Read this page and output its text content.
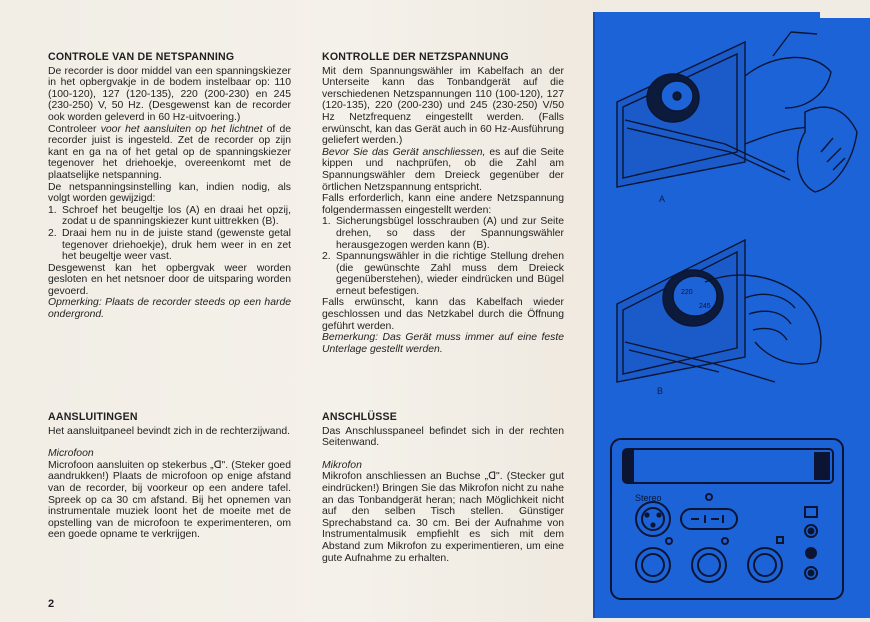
CONTROLE VAN DE NETSPANNING

De recorder is door middel van een spanningskiezer in het opbergvakje in de bodem instelbaar op: 110 (100-120), 127 (120-135), 220 (200-230) en 245 (230-250) V, 50 Hz. (Desgewenst kan de recorder ook worden geleverd in 60 Hz-uitvoering.)

Controleer voor het aansluiten op het lichtnet of de recorder juist is ingesteld. Zet de recorder op zijn kant en ga na of het getal op de spanningskiezer tegenover het driehoekje, overeenkomt met de plaatselijke netspanning.

De netspanningsinstelling kan, indien nodig, als volgt worden gewijzigd:

1. Schroef het beugeltje los (A) en draai het opzij, zodat u de spanningskiezer kunt uittrekken (B).
2. Draai hem nu in de juiste stand (gewenste getal tegenover driehoekje), druk hem weer in en zet het beugeltje weer vast.

Desgewenst kan het opbergvak weer worden gesloten en het netsnoer door de uitsparing worden gevoerd.

Opmerking: Plaats de recorder steeds op een harde ondergrond.

AANSLUITINGEN

Het aansluitpaneel bevindt zich in de rechterzijwand.

Microfoon

Microfoon aansluiten op stekerbus „ᗡ". (Steker goed aandrukken!) Plaats de microfoon op enige afstand van de recorder, bij voorkeur op een andere tafel. Spreek op ca 30 cm afstand. Bij het opnemen van instrumentale muziek loont het de moeite met de opstelling van de microfoon te experimenteren, om een goede opname te verkrijgen.

KONTROLLE DER NETZSPANNUNG

Mit dem Spannungswähler im Kabelfach an der Unterseite kann das Tonbandgerät auf die verschiedenen Netzspannungen 110 (100-120), 127 (120-135), 220 (200-230) und 245 (230-250) V/50 Hz Netzfrequenz eingestellt werden. (Falls erwünscht, kan das Gerät auch in 60 Hz-Ausführung geliefert werden.)

Bevor Sie das Gerät anschliessen, es auf die Seite kippen und nachprüfen, ob die Zahl am Spannungswähler dem Dreieck gegenüber der örtlichen Netzspannung entspricht.

Falls erforderlich, kann eine andere Netzspannung folgendermassen eingestellt werden:

1. Sicherungsbügel losschrauben (A) und zur Seite drehen, so dass der Spannungswähler herausgezogen werden kann (B).
2. Spannungswähler in die richtige Stellung drehen (die gewünschte Zahl muss dem Dreieck gegenüberstehen), wieder eindrücken und Bügel erneut befestigen.

Falls erwünscht, kann das Kabelfach wieder geschlossen und das Netzkabel durch die Öffnung geführt werden.

Bemerkung: Das Gerät muss immer auf eine feste Unterlage gestellt werden.

ANSCHLÜSSE

Das Anschlusspaneel befindet sich in der rechten Seitenwand.

Mikrofon

Mikrofon anschliessen an Buchse „ᗡ". (Stecker gut eindrücken!) Bringen Sie das Mikrofon nicht zu nahe an das Tonbandgerät heran; nach Möglichkeit nicht auf den selben Tisch stellen. Günstiger Sprechabstand ca. 30 cm. Bei der Aufnahme von Instrumentalmusik empfiehlt es sich mit dem Abstand zum Mikrofon zu experimentieren, um eine gute Aufnahme zu erhalten.

2
A
220
245
B
Stereo
